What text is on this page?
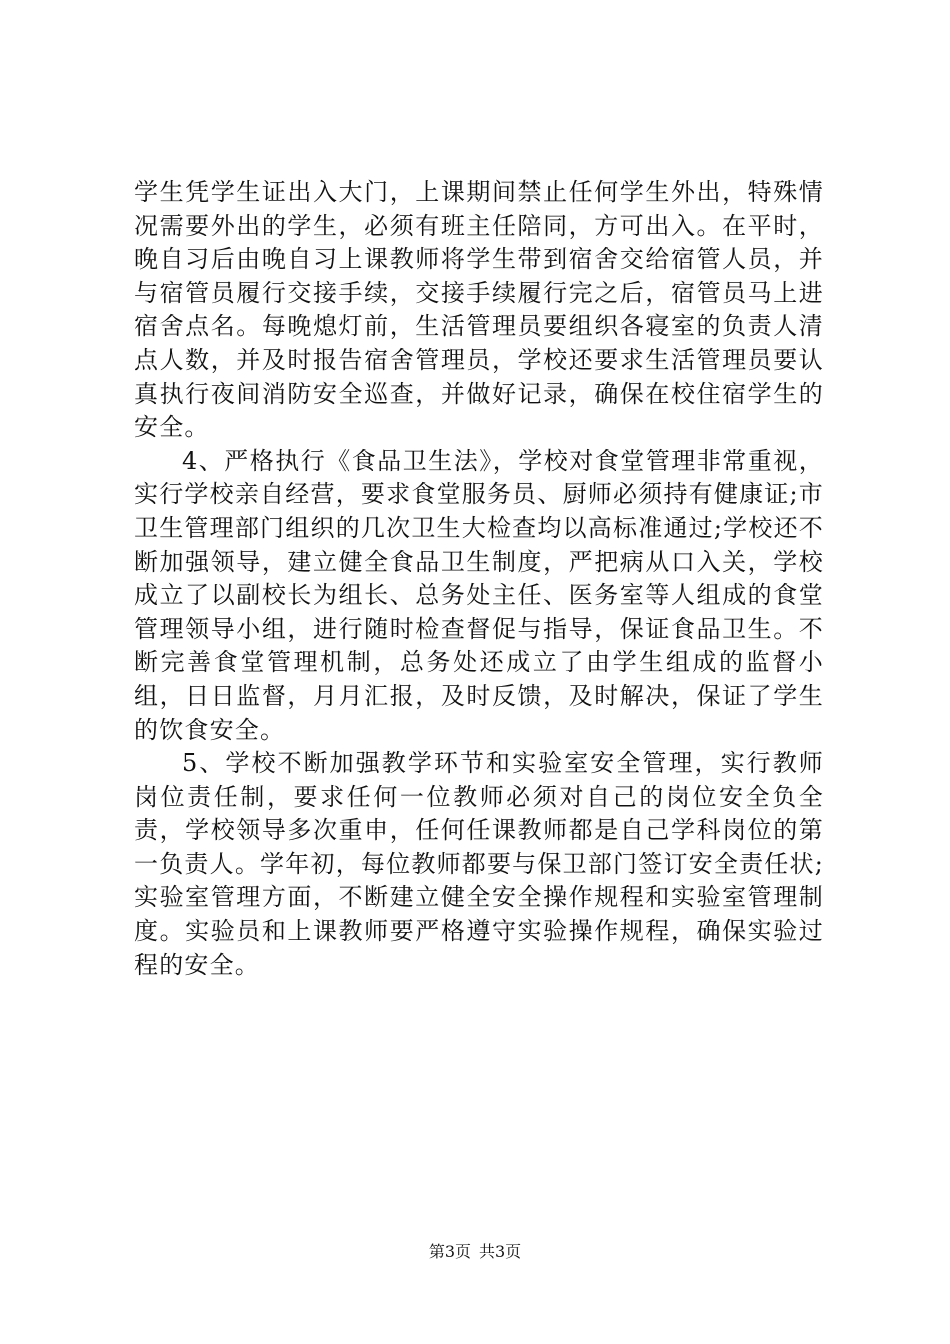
学生凭学生证出入大门，上课期间禁止任何学生外出，特殊情况需要外出的学生，必须有班主任陪同，方可出入。在平时，晚自习后由晚自习上课教师将学生带到宿舍交给宿管人员，并与宿管员履行交接手续，交接手续履行完之后，宿管员马上进宿舍点名。每晚熄灯前，生活管理员要组织各寝室的负责人清点人数，并及时报告宿舍管理员，学校还要求生活管理员要认真执行夜间消防安全巡查，并做好记录，确保在校住宿学生的安全。

4、严格执行《食品卫生法》，学校对食堂管理非常重视，实行学校亲自经营，要求食堂服务员、厨师必须持有健康证;市卫生管理部门组织的几次卫生大检查均以高标准通过;学校还不断加强领导，建立健全食品卫生制度，严把病从口入关，学校成立了以副校长为组长、总务处主任、医务室等人组成的食堂管理领导小组，进行随时检查督促与指导，保证食品卫生。不断完善食堂管理机制，总务处还成立了由学生组成的监督小组，日日监督，月月汇报，及时反馈，及时解决，保证了学生的饮食安全。

5、学校不断加强教学环节和实验室安全管理，实行教师岗位责任制，要求任何一位教师必须对自己的岗位安全负全责，学校领导多次重申，任何任课教师都是自己学科岗位的第一负责人。学年初，每位教师都要与保卫部门签订安全责任状;实验室管理方面，不断建立健全安全操作规程和实验室管理制度。实验员和上课教师要严格遵守实验操作规程，确保实验过程的安全。

第3页 共3页
